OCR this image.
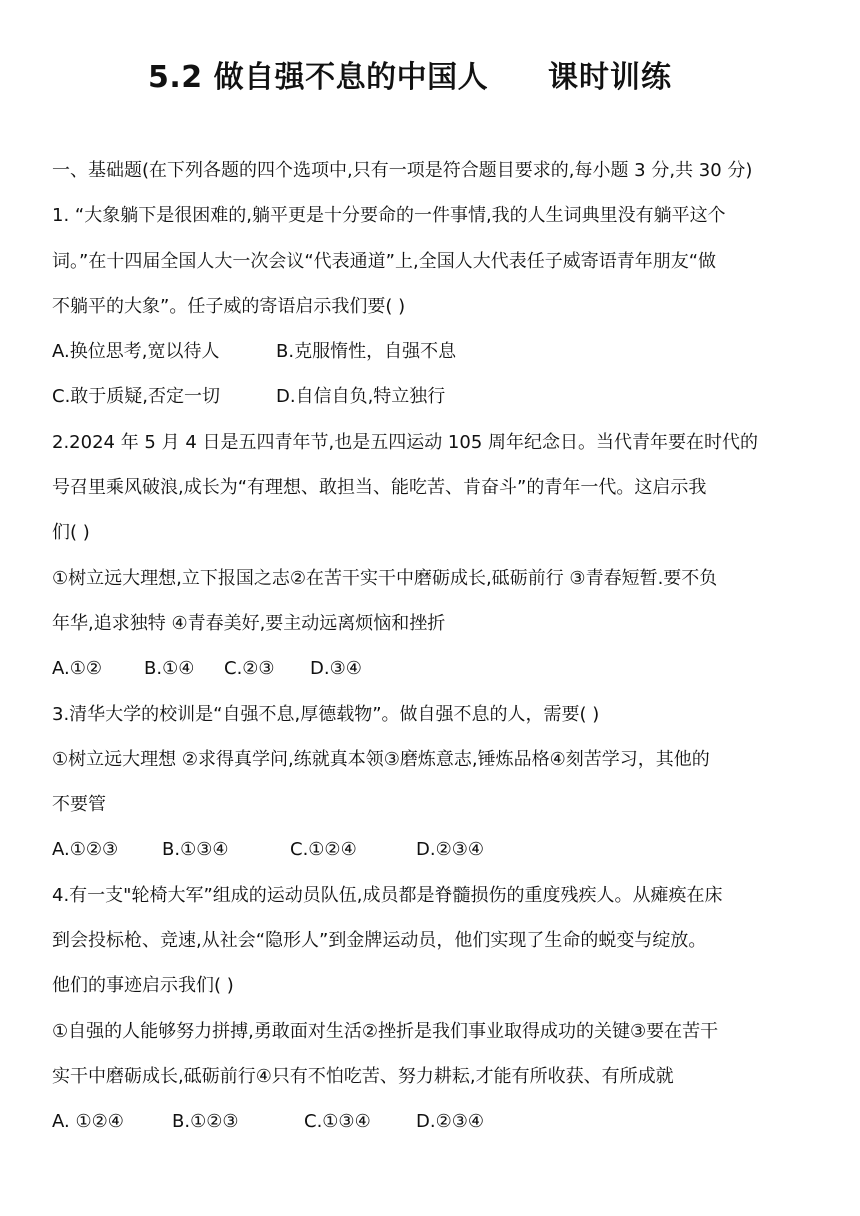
5.2 做自强不息的中国人 课时训练
一、基础题(在下列各题的四个选项中,只有一项是符合题目要求的,每小题 3 分,共 30 分)
1. “大象躺下是很困难的,躺平更是十分要命的一件事情,我的人生词典里没有躺平这个
词。”在十四届全国人大一次会议“代表通道”上,全国人大代表任子威寄语青年朋友“做
不躺平的大象”。任子威的寄语启示我们要( )
A.换位思考,宽以待人	B.克服惰性，自强不息
C.敢于质疑,否定一切	D.自信自负,特立独行
2.2024 年 5 月 4 日是五四青年节,也是五四运动 105 周年纪念日。当代青年要在时代的
号召里乘风破浪,成长为“有理想、敢担当、能吃苦、肯奋斗”的青年一代。这启示我
们( )
①树立远大理想,立下报国之志②在苦干实干中磨砺成长,砥砺前行 ③青春短暂.要不负
年华,追求独特 ④青春美好,要主动远离烦恼和挫折
A.①②	B.①④	C.②③	D.③④
3.清华大学的校训是“自强不息,厚德载物”。做自强不息的人，需要( )
①树立远大理想 ②求得真学问,练就真本领③磨炼意志,锤炼品格④刻苦学习，其他的
不要管
A.①②③	B.①③④	C.①②④	D.②③④
4.有一支"轮椅大军”组成的运动员队伍,成员都是脊髓损伤的重度残疾人。从瘫痪在床
到会投标枪、竞速,从社会“隐形人”到金牌运动员，他们实现了生命的蜕变与绽放。
他们的事迹启示我们( )
①自强的人能够努力拼搏,勇敢面对生活②挫折是我们事业取得成功的关键③要在苦干
实干中磨砺成长,砥砺前行④只有不怕吃苦、努力耕耘,才能有所收获、有所成就
A. ①②④	B.①②③	C.①③④	D.②③④
